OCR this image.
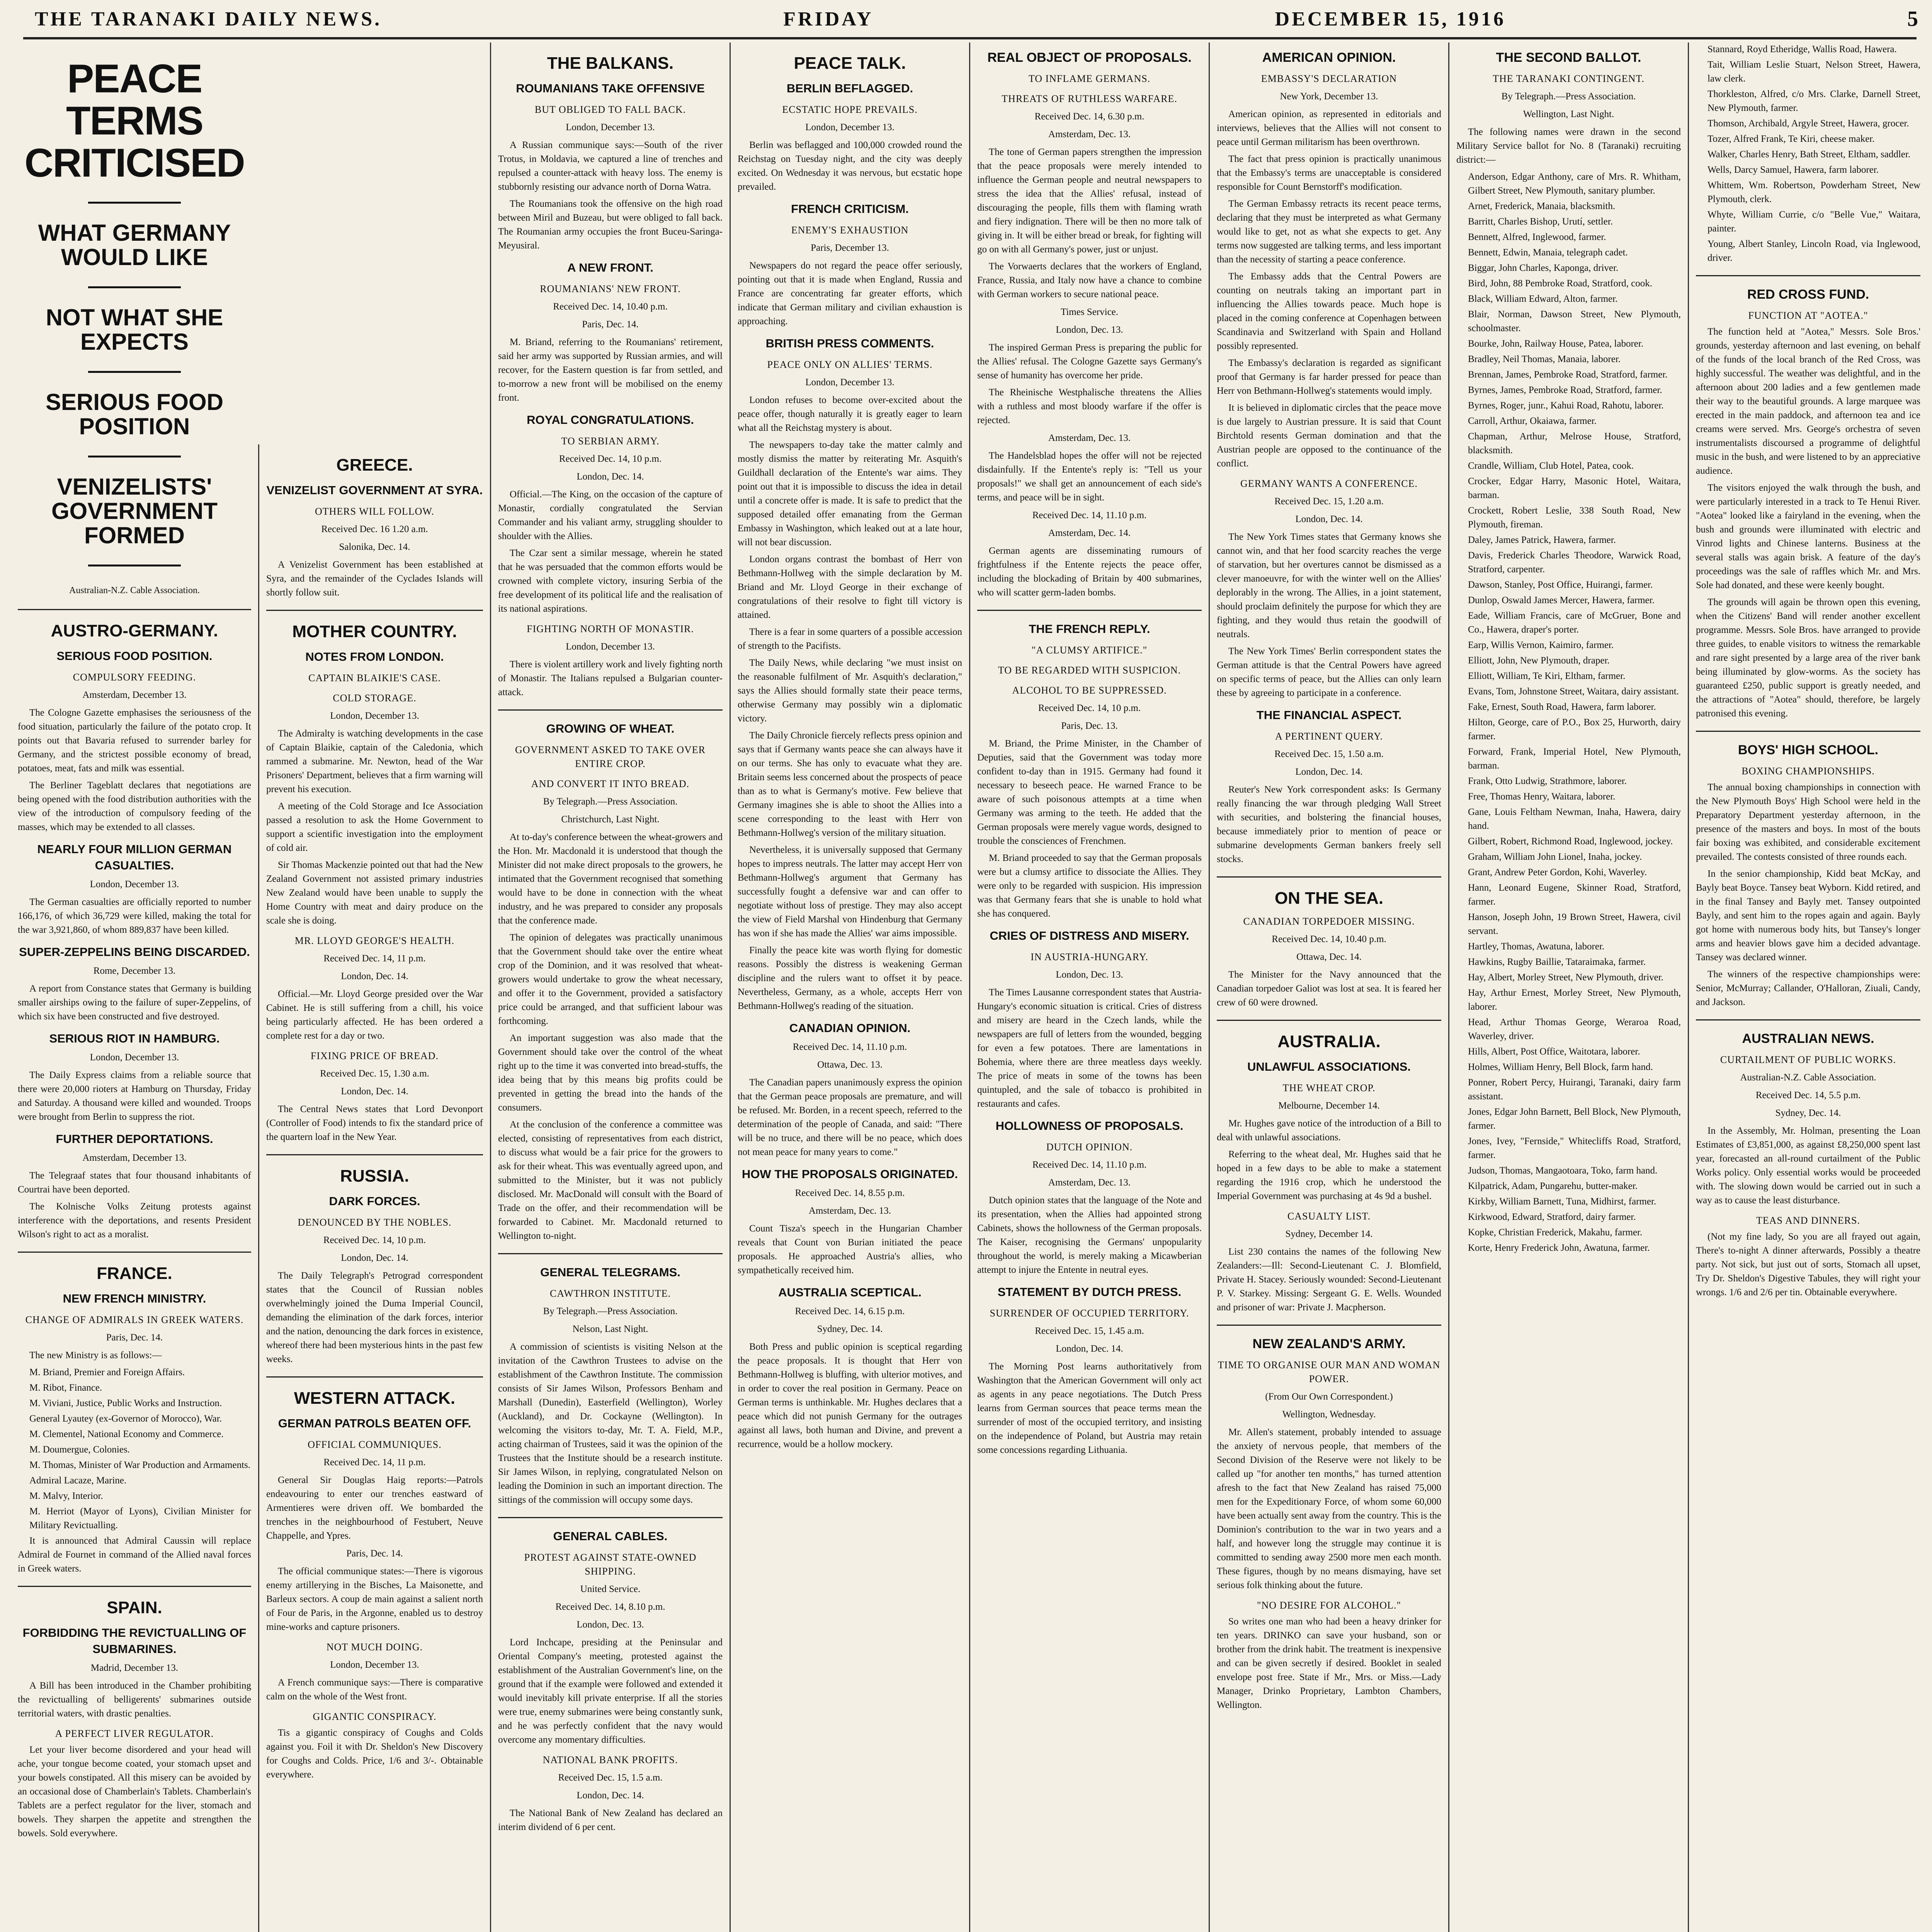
THE TARANAKI DAILY NEWS.	FRIDAY	DECEMBER 15, 1916	5
PEACE TERMS CRITICISED
WHAT GERMANY WOULD LIKE
NOT WHAT SHE EXPECTS
SERIOUS FOOD POSITION
VENIZELISTS' GOVERNMENT FORMED
Australian-N.Z. Cable Association.
AUSTRO-GERMANY.
SERIOUS FOOD POSITION.
COMPULSORY FEEDING.
Amsterdam, December 13.

The Cologne Gazette emphasises the seriousness of the food situation, particularly the failure of the potato crop. It points out that Bavaria refused to surrender barley for Germany, and the strictest possible economy of bread, potatoes, meat, fats and milk was essential.

The Berliner Tageblatt declares that negotiations are being opened with the food distribution authorities with the view of the introduction of compulsory feeding of the masses, which may be extended to all classes.

NEARLY FOUR MILLION GERMAN CASUALTIES.
London, December 13.

The German casualties are officially reported to number 166,176, of which 36,729 were killed, making the total for the war 3,921,860, of whom 889,837 have been killed.

SUPER-ZEPPELINS BEING DISCARDED.
Rome, December 13.

A report from Constance states that Germany is building smaller airships owing to the failure of super-Zeppelins, of which six have been constructed and five destroyed.

SERIOUS RIOT IN HAMBURG.
London, December 13.

The Daily Express claims from a reliable source that there were 20,000 rioters at Hamburg on Thursday, Friday and Saturday. A thousand were killed and wounded. Troops were brought from Berlin to suppress the riot.

FURTHER DEPORTATIONS.
Amsterdam, December 13.

The Telegraaf states that four thousand inhabitants of Courtrai have been deported.

The Kolnische Volks Zeitung protests against interference with the deportations, and resents President Wilson's right to act as a moralist.

FRANCE.
NEW FRENCH MINISTRY.
CHANGE OF ADMIRALS IN GREEK WATERS.
Paris, Dec. 14.

The new Ministry is as follows:—

M. Briand, Premier and Foreign Affairs.

M. Ribot, Finance.

M. Viviani, Justice, Public Works and Instruction.

General Lyautey (ex-Governor of Morocco), War.

M. Clementel, National Economy and Commerce.

M. Doumergue, Colonies.

M. Thomas, Minister of War Production and Armaments.

Admiral Lacaze, Marine.

M. Malvy, Interior.

M. Herriot (Mayor of Lyons), Civilian Minister for Military Revictualling.

It is announced that Admiral Caussin will replace Admiral de Fournet in command of the Allied naval forces in Greek waters.

SPAIN.
FORBIDDING THE REVICTUALLING OF SUBMARINES.
Madrid, December 13.

A Bill has been introduced in the Chamber prohibiting the revictualling of belligerents' submarines outside territorial waters, with drastic penalties.

A PERFECT LIVER REGULATOR.

Let your liver become disordered and your head will ache, your tongue become coated, your stomach upset and your bowels constipated. All this misery can be avoided by an occasional dose of Chamberlain's Tablets. Chamberlain's Tablets are a perfect regulator for the liver, stomach and bowels. They sharpen the appetite and strengthen the bowels. Sold everywhere.

GREECE.
VENIZELIST GOVERNMENT AT SYRA.
OTHERS WILL FOLLOW.
Received Dec. 16 1.20 a.m.
Salonika, Dec. 14.

A Venizelist Government has been established at Syra, and the remainder of the Cyclades Islands will shortly follow suit.

MOTHER COUNTRY.
NOTES FROM LONDON.
CAPTAIN BLAIKIE'S CASE.
COLD STORAGE.
London, December 13.

The Admiralty is watching developments in the case of Captain Blaikie, captain of the Caledonia, which rammed a submarine. Mr. Newton, head of the War Prisoners' Department, believes that a firm warning will prevent his execution.

A meeting of the Cold Storage and Ice Association passed a resolution to ask the Home Government to support a scientific investigation into the employment of cold air.

Sir Thomas Mackenzie pointed out that had the New Zealand Government not assisted primary industries New Zealand would have been unable to supply the Home Country with meat and dairy produce on the scale she is doing.

MR. LLOYD GEORGE'S HEALTH.
Received Dec. 14, 11 p.m.
London, Dec. 14.

Official.—Mr. Lloyd George presided over the War Cabinet. He is still suffering from a chill, his voice being particularly affected. He has been ordered a complete rest for a day or two.

FIXING PRICE OF BREAD.
Received Dec. 15, 1.30 a.m.
London, Dec. 14.

The Central News states that Lord Devonport (Controller of Food) intends to fix the standard price of the quartern loaf in the New Year.

RUSSIA.
DARK FORCES.
DENOUNCED BY THE NOBLES.
Received Dec. 14, 10 p.m.
London, Dec. 14.

The Daily Telegraph's Petrograd correspondent states that the Council of Russian nobles overwhelmingly joined the Duma Imperial Council, demanding the elimination of the dark forces, interior and the nation, denouncing the dark forces in existence, whereof there had been mysterious hints in the past few weeks.

WESTERN ATTACK.
GERMAN PATROLS BEATEN OFF.
OFFICIAL COMMUNIQUES.
Received Dec. 14, 11 p.m.

General Sir Douglas Haig reports:—Patrols endeavouring to enter our trenches eastward of Armentieres were driven off. We bombarded the trenches in the neighbourhood of Festubert, Neuve Chappelle, and Ypres.

Paris, Dec. 14.

The official communique states:—There is vigorous enemy artillerying in the Bisches, La Maisonette, and Barleux sectors. A coup de main against a salient north of Four de Paris, in the Argonne, enabled us to destroy mine-works and capture prisoners.

NOT MUCH DOING.
London, December 13.

A French communique says:—There is comparative calm on the whole of the West front.

GIGANTIC CONSPIRACY.

Tis a gigantic conspiracy of Coughs and Colds against you. Foil it with Dr. Sheldon's New Discovery for Coughs and Colds. Price, 1/6 and 3/-. Obtainable everywhere.

THE BALKANS.
ROUMANIANS TAKE OFFENSIVE
BUT OBLIGED TO FALL BACK.
London, December 13.

A Russian communique says:—South of the river Trotus, in Moldavia, we captured a line of trenches and repulsed a counter-attack with heavy loss. The enemy is stubbornly resisting our advance north of Dorna Watra.

The Roumanians took the offensive on the high road between Miril and Buzeau, but were obliged to fall back. The Roumanian army occupies the front Buceu-Saringa-Meyusiral.

A NEW FRONT.
ROUMANIANS' NEW FRONT.
Received Dec. 14, 10.40 p.m.
Paris, Dec. 14.

M. Briand, referring to the Roumanians' retirement, said her army was supported by Russian armies, and will recover, for the Eastern question is far from settled, and to-morrow a new front will be mobilised on the enemy front.

ROYAL CONGRATULATIONS.
TO SERBIAN ARMY.
Received Dec. 14, 10 p.m.
London, Dec. 14.

Official.—The King, on the occasion of the capture of Monastir, cordially congratulated the Servian Commander and his valiant army, struggling shoulder to shoulder with the Allies.

The Czar sent a similar message, wherein he stated that he was persuaded that the common efforts would be crowned with complete victory, insuring Serbia of the free development of its political life and the realisation of its national aspirations.

FIGHTING NORTH OF MONASTIR.
London, December 13.

There is violent artillery work and lively fighting north of Monastir. The Italians repulsed a Bulgarian counter-attack.

GROWING OF WHEAT.
GOVERNMENT ASKED TO TAKE OVER ENTIRE CROP.
AND CONVERT IT INTO BREAD.
By Telegraph.—Press Association.
Christchurch, Last Night.

At to-day's conference between the wheat-growers and the Hon. Mr. Macdonald it is understood that though the Minister did not make direct proposals to the growers, he intimated that the Government recognised that something would have to be done in connection with the wheat industry, and he was prepared to consider any proposals that the conference made.

The opinion of delegates was practically unanimous that the Government should take over the entire wheat crop of the Dominion, and it was resolved that wheat-growers would undertake to grow the wheat necessary, and offer it to the Government, provided a satisfactory price could be arranged, and that sufficient labour was forthcoming.

An important suggestion was also made that the Government should take over the control of the wheat right up to the time it was converted into bread-stuffs, the idea being that by this means big profits could be prevented in getting the bread into the hands of the consumers.

At the conclusion of the conference a committee was elected, consisting of representatives from each district, to discuss what would be a fair price for the growers to ask for their wheat. This was eventually agreed upon, and submitted to the Minister, but it was not publicly disclosed. Mr. MacDonald will consult with the Board of Trade on the offer, and their recommendation will be forwarded to Cabinet. Mr. Macdonald returned to Wellington to-night.

GENERAL TELEGRAMS.
CAWTHRON INSTITUTE.
By Telegraph.—Press Association.
Nelson, Last Night.

A commission of scientists is visiting Nelson at the invitation of the Cawthron Trustees to advise on the establishment of the Cawthron Institute. The commission consists of Sir James Wilson, Professors Benham and Marshall (Dunedin), Easterfield (Wellington), Worley (Auckland), and Dr. Cockayne (Wellington). In welcoming the visitors to-day, Mr. T. A. Field, M.P., acting chairman of Trustees, said it was the opinion of the Trustees that the Institute should be a research institute. Sir James Wilson, in replying, congratulated Nelson on leading the Dominion in such an important direction. The sittings of the commission will occupy some days.

GENERAL CABLES.
PROTEST AGAINST STATE-OWNED SHIPPING.
United Service.
Received Dec. 14, 8.10 p.m.
London, Dec. 13.

Lord Inchcape, presiding at the Peninsular and Oriental Company's meeting, protested against the establishment of the Australian Government's line, on the ground that if the example were followed and extended it would inevitably kill private enterprise. If all the stories were true, enemy submarines were being constantly sunk, and he was perfectly confident that the navy would overcome any momentary difficulties.

NATIONAL BANK PROFITS.
Received Dec. 15, 1.5 a.m.
London, Dec. 14.

The National Bank of New Zealand has declared an interim dividend of 6 per cent.

PEACE TALK.
BERLIN BEFLAGGED.
ECSTATIC HOPE PREVAILS.
London, December 13.

Berlin was beflagged and 100,000 crowded round the Reichstag on Tuesday night, and the city was deeply excited. On Wednesday it was nervous, but ecstatic hope prevailed.

FRENCH CRITICISM.
ENEMY'S EXHAUSTION
Paris, December 13.

Newspapers do not regard the peace offer seriously, pointing out that it is made when England, Russia and France are concentrating far greater efforts, which indicate that German military and civilian exhaustion is approaching.

BRITISH PRESS COMMENTS.
PEACE ONLY ON ALLIES' TERMS.
London, December 13.

London refuses to become over-excited about the peace offer, though naturally it is greatly eager to learn what all the Reichstag mystery is about.

The newspapers to-day take the matter calmly and mostly dismiss the matter by reiterating Mr. Asquith's Guildhall declaration of the Entente's war aims. They point out that it is impossible to discuss the idea in detail until a concrete offer is made. It is safe to predict that the supposed detailed offer emanating from the German Embassy in Washington, which leaked out at a late hour, will not bear discussion.

London organs contrast the bombast of Herr von Bethmann-Hollweg with the simple declaration by M. Briand and Mr. Lloyd George in their exchange of congratulations of their resolve to fight till victory is attained.

There is a fear in some quarters of a possible accession of strength to the Pacifists.

The Daily News, while declaring "we must insist on the reasonable fulfilment of Mr. Asquith's declaration," says the Allies should formally state their peace terms, otherwise Germany may possibly win a diplomatic victory.

The Daily Chronicle fiercely reflects press opinion and says that if Germany wants peace she can always have it on our terms. She has only to evacuate what they are. Britain seems less concerned about the prospects of peace than as to what is Germany's motive. Few believe that Germany imagines she is able to shoot the Allies into a scene corresponding to the least with Herr von Bethmann-Hollweg's version of the military situation.

Nevertheless, it is universally supposed that Germany hopes to impress neutrals. The latter may accept Herr von Bethmann-Hollweg's argument that Germany has successfully fought a defensive war and can offer to negotiate without loss of prestige. They may also accept the view of Field Marshal von Hindenburg that Germany has won if she has made the Allies' war aims impossible.

Finally the peace kite was worth flying for domestic reasons. Possibly the distress is weakening German discipline and the rulers want to offset it by peace. Nevertheless, Germany, as a whole, accepts Herr von Bethmann-Hollweg's reading of the situation.

CANADIAN OPINION.
Received Dec. 14, 11.10 p.m.
Ottawa, Dec. 13.

The Canadian papers unanimously express the opinion that the German peace proposals are premature, and will be refused. Mr. Borden, in a recent speech, referred to the determination of the people of Canada, and said: "There will be no truce, and there will be no peace, which does not mean peace for many years to come."

HOW THE PROPOSALS ORIGINATED.
Received Dec. 14, 8.55 p.m.
Amsterdam, Dec. 13.

Count Tisza's speech in the Hungarian Chamber reveals that Count von Burian initiated the peace proposals. He approached Austria's allies, who sympathetically received him.

AUSTRALIA SCEPTICAL.
Received Dec. 14, 6.15 p.m.
Sydney, Dec. 14.

Both Press and public opinion is sceptical regarding the peace proposals. It is thought that Herr von Bethmann-Hollweg is bluffing, with ulterior motives, and in order to cover the real position in Germany. Peace on German terms is unthinkable. Mr. Hughes declares that a peace which did not punish Germany for the outrages against all laws, both human and Divine, and prevent a recurrence, would be a hollow mockery.

REAL OBJECT OF PROPOSALS.
TO INFLAME GERMANS.
THREATS OF RUTHLESS WARFARE.
Received Dec. 14, 6.30 p.m.
Amsterdam, Dec. 13.

The tone of German papers strengthen the impression that the peace proposals were merely intended to influence the German people and neutral newspapers to stress the idea that the Allies' refusal, instead of discouraging the people, fills them with flaming wrath and fiery indignation. There will be then no more talk of giving in. It will be either bread or break, for fighting will go on with all Germany's power, just or unjust.

The Vorwaerts declares that the workers of England, France, Russia, and Italy now have a chance to combine with German workers to secure national peace.

Times Service.
London, Dec. 13.

The inspired German Press is preparing the public for the Allies' refusal. The Cologne Gazette says Germany's sense of humanity has overcome her pride.

The Rheinische Westphalische threatens the Allies with a ruthless and most bloody warfare if the offer is rejected.

Amsterdam, Dec. 13.

The Handelsblad hopes the offer will not be rejected disdainfully. If the Entente's reply is: "Tell us your proposals!" we shall get an announcement of each side's terms, and peace will be in sight.

Received Dec. 14, 11.10 p.m.
Amsterdam, Dec. 14.

German agents are disseminating rumours of frightfulness if the Entente rejects the peace offer, including the blockading of Britain by 400 submarines, who will scatter germ-laden bombs.

THE FRENCH REPLY.
"A CLUMSY ARTIFICE."
TO BE REGARDED WITH SUSPICION.
ALCOHOL TO BE SUPPRESSED.
Received Dec. 14, 10 p.m.
Paris, Dec. 13.

M. Briand, the Prime Minister, in the Chamber of Deputies, said that the Government was today more confident to-day than in 1915. Germany had found it necessary to beseech peace. He warned France to be aware of such poisonous attempts at a time when Germany was arming to the teeth. He added that the German proposals were merely vague words, designed to trouble the consciences of Frenchmen.

M. Briand proceeded to say that the German proposals were but a clumsy artifice to dissociate the Allies. They were only to be regarded with suspicion. His impression was that Germany fears that she is unable to hold what she has conquered.

CRIES OF DISTRESS AND MISERY.
IN AUSTRIA-HUNGARY.
London, Dec. 13.

The Times Lausanne correspondent states that Austria-Hungary's economic situation is critical. Cries of distress and misery are heard in the Czech lands, while the newspapers are full of letters from the wounded, begging for even a few potatoes. There are lamentations in Bohemia, where there are three meatless days weekly. The price of meats in some of the towns has been quintupled, and the sale of tobacco is prohibited in restaurants and cafes.

HOLLOWNESS OF PROPOSALS.
DUTCH OPINION.
Received Dec. 14, 11.10 p.m.
Amsterdam, Dec. 13.

Dutch opinion states that the language of the Note and its presentation, when the Allies had appointed strong Cabinets, shows the hollowness of the German proposals. The Kaiser, recognising the Germans' unpopularity throughout the world, is merely making a Micawberian attempt to injure the Entente in neutral eyes.

STATEMENT BY DUTCH PRESS.
SURRENDER OF OCCUPIED TERRITORY.
Received Dec. 15, 1.45 a.m.
London, Dec. 14.

The Morning Post learns authoritatively from Washington that the American Government will only act as agents in any peace negotiations. The Dutch Press learns from German sources that peace terms mean the surrender of most of the occupied territory, and insisting on the independence of Poland, but Austria may retain some concessions regarding Lithuania.

AMERICAN OPINION.
EMBASSY'S DECLARATION
New York, December 13.

American opinion, as represented in editorials and interviews, believes that the Allies will not consent to peace until German militarism has been overthrown.

The fact that press opinion is practically unanimous that the Embassy's terms are unacceptable is considered responsible for Count Bernstorff's modification.

The German Embassy retracts its recent peace terms, declaring that they must be interpreted as what Germany would like to get, not as what she expects to get. Any terms now suggested are talking terms, and less important than the necessity of starting a peace conference.

The Embassy adds that the Central Powers are counting on neutrals taking an important part in influencing the Allies towards peace. Much hope is placed in the coming conference at Copenhagen between Scandinavia and Switzerland with Spain and Holland possibly represented.

The Embassy's declaration is regarded as significant proof that Germany is far harder pressed for peace than Herr von Bethmann-Hollweg's statements would imply.

It is believed in diplomatic circles that the peace move is due largely to Austrian pressure. It is said that Count Birchtold resents German domination and that the Austrian people are opposed to the continuance of the conflict.

GERMANY WANTS A CONFERENCE.
Received Dec. 15, 1.20 a.m.
London, Dec. 14.

The New York Times states that Germany knows she cannot win, and that her food scarcity reaches the verge of starvation, but her overtures cannot be dismissed as a clever manoeuvre, for with the winter well on the Allies' deplorably in the wrong. The Allies, in a joint statement, should proclaim definitely the purpose for which they are fighting, and they would thus retain the goodwill of neutrals.

The New York Times' Berlin correspondent states the German attitude is that the Central Powers have agreed on specific terms of peace, but the Allies can only learn these by agreeing to participate in a conference.

THE FINANCIAL ASPECT.
A PERTINENT QUERY.
Received Dec. 15, 1.50 a.m.
London, Dec. 14.

Reuter's New York correspondent asks: Is Germany really financing the war through pledging Wall Street with securities, and bolstering the financial houses, because immediately prior to mention of peace or submarine developments German bankers freely sell stocks.

ON THE SEA.
CANADIAN TORPEDOER MISSING.
Received Dec. 14, 10.40 p.m.
Ottawa, Dec. 14.

The Minister for the Navy announced that the Canadian torpedoer Galiot was lost at sea. It is feared her crew of 60 were drowned.

AUSTRALIA.
UNLAWFUL ASSOCIATIONS.
THE WHEAT CROP.
Melbourne, December 14.

Mr. Hughes gave notice of the introduction of a Bill to deal with unlawful associations.

Referring to the wheat deal, Mr. Hughes said that he hoped in a few days to be able to make a statement regarding the 1916 crop, which he understood the Imperial Government was purchasing at 4s 9d a bushel.

CASUALTY LIST.
Sydney, December 14.

List 230 contains the names of the following New Zealanders:—Ill: Second-Lieutenant C. J. Blomfield, Private H. Stacey. Seriously wounded: Second-Lieutenant P. V. Starkey. Missing: Sergeant G. E. Wells. Wounded and prisoner of war: Private J. Macpherson.

NEW ZEALAND'S ARMY.
TIME TO ORGANISE OUR MAN AND WOMAN POWER.
(From Our Own Correspondent.)
Wellington, Wednesday.

Mr. Allen's statement, probably intended to assuage the anxiety of nervous people, that members of the Second Division of the Reserve were not likely to be called up "for another ten months," has turned attention afresh to the fact that New Zealand has raised 75,000 men for the Expeditionary Force, of whom some 60,000 have been actually sent away from the country. This is the Dominion's contribution to the war in two years and a half, and however long the struggle may continue it is committed to sending away 2500 more men each month. These figures, though by no means dismaying, have set serious folk thinking about the future.

"NO DESIRE FOR ALCOHOL."

So writes one man who had been a heavy drinker for ten years. DRINKO can save your husband, son or brother from the drink habit. The treatment is inexpensive and can be given secretly if desired. Booklet in sealed envelope post free. State if Mr., Mrs. or Miss.—Lady Manager, Drinko Proprietary, Lambton Chambers, Wellington.

THE SECOND BALLOT.
THE TARANAKI CONTINGENT.
By Telegraph.—Press Association.
Wellington, Last Night.

The following names were drawn in the second Military Service ballot for No. 8 (Taranaki) recruiting district:—

Anderson, Edgar Anthony, care of Mrs. R. Whitham, Gilbert Street, New Plymouth, sanitary plumber.

Arnet, Frederick, Manaia, blacksmith.

Barritt, Charles Bishop, Urutí, settler.

Bennett, Alfred, Inglewood, farmer.

Bennett, Edwin, Manaia, telegraph cadet.

Biggar, John Charles, Kaponga, driver.

Bird, John, 88 Pembroke Road, Stratford, cook.

Black, William Edward, Alton, farmer.

Blair, Norman, Dawson Street, New Plymouth, schoolmaster.

Bourke, John, Railway House, Patea, laborer.

Bradley, Neil Thomas, Manaia, laborer.

Brennan, James, Pembroke Road, Stratford, farmer.

Byrnes, James, Pembroke Road, Stratford, farmer.

Byrnes, Roger, junr., Kahui Road, Rahotu, laborer.

Carroll, Arthur, Okaiawa, farmer.

Chapman, Arthur, Melrose House, Stratford, blacksmith.

Crandle, William, Club Hotel, Patea, cook.

Crocker, Edgar Harry, Masonic Hotel, Waitara, barman.

Crockett, Robert Leslie, 338 South Road, New Plymouth, fireman.

Daley, James Patrick, Hawera, farmer.

Davis, Frederick Charles Theodore, Warwick Road, Stratford, carpenter.

Dawson, Stanley, Post Office, Huirangi, farmer.

Dunlop, Oswald James Mercer, Hawera, farmer.

Eade, William Francis, care of McGruer, Bone and Co., Hawera, draper's porter.

Earp, Willis Vernon, Kaimiro, farmer.

Elliott, John, New Plymouth, draper.

Elliott, William, Te Kiri, Eltham, farmer.

Evans, Tom, Johnstone Street, Waitara, dairy assistant.

Fake, Ernest, South Road, Hawera, farm laborer.

Hilton, George, care of P.O., Box 25, Hurworth, dairy farmer.

Forward, Frank, Imperial Hotel, New Plymouth, barman.

Frank, Otto Ludwig, Strathmore, laborer.

Free, Thomas Henry, Waitara, laborer.

Gane, Louis Feltham Newman, Inaha, Hawera, dairy hand.

Gilbert, Robert, Richmond Road, Inglewood, jockey.

Graham, William John Lionel, Inaha, jockey.

Grant, Andrew Peter Gordon, Kohi, Waverley.

Hann, Leonard Eugene, Skinner Road, Stratford, farmer.

Hanson, Joseph John, 19 Brown Street, Hawera, civil servant.

Hartley, Thomas, Awatuna, laborer.

Hawkins, Rugby Baillie, Tataraimaka, farmer.

Hay, Albert, Morley Street, New Plymouth, driver.

Hay, Arthur Ernest, Morley Street, New Plymouth, laborer.

Head, Arthur Thomas George, Weraroa Road, Waverley, driver.

Hills, Albert, Post Office, Waitotara, laborer.

Holmes, William Henry, Bell Block, farm hand.

Ponner, Robert Percy, Huirangi, Taranaki, dairy farm assistant.

Jones, Edgar John Barnett, Bell Block, New Plymouth, farmer.

Jones, Ivey, "Fernside," Whitecliffs Road, Stratford, farmer.

Judson, Thomas, Mangaotoara, Toko, farm hand.

Kilpatrick, Adam, Pungarehu, butter-maker.

Kirkby, William Barnett, Tuna, Midhirst, farmer.

Kirkwood, Edward, Stratford, dairy farmer.

Kopke, Christian Frederick, Makahu, farmer.

Korte, Henry Frederick John, Awatuna, farmer.

Stannard, Royd Etheridge, Wallis Road, Hawera.

Tait, William Leslie Stuart, Nelson Street, Hawera, law clerk.

Thorkleston, Alfred, c/o Mrs. Clarke, Darnell Street, New Plymouth, farmer.

Thomson, Archibald, Argyle Street, Hawera, grocer.

Tozer, Alfred Frank, Te Kiri, cheese maker.

Walker, Charles Henry, Bath Street, Eltham, saddler.

Wells, Darcy Samuel, Hawera, farm laborer.

Whittem, Wm. Robertson, Powderham Street, New Plymouth, clerk.

Whyte, William Currie, c/o "Belle Vue," Waitara, painter.

Young, Albert Stanley, Lincoln Road, via Inglewood, driver.

RED CROSS FUND.
FUNCTION AT "AOTEA."

The function held at "Aotea," Messrs. Sole Bros.' grounds, yesterday afternoon and last evening, on behalf of the funds of the local branch of the Red Cross, was highly successful. The weather was delightful, and in the afternoon about 200 ladies and a few gentlemen made their way to the beautiful grounds. A large marquee was erected in the main paddock, and afternoon tea and ice creams were served. Mrs. George's orchestra of seven instrumentalists discoursed a programme of delightful music in the bush, and were listened to by an appreciative audience.

The visitors enjoyed the walk through the bush, and were particularly interested in a track to Te Henui River. "Aotea" looked like a fairyland in the evening, when the bush and grounds were illuminated with electric and Vinrod lights and Chinese lanterns. Business at the several stalls was again brisk. A feature of the day's proceedings was the sale of raffles which Mr. and Mrs. Sole had donated, and these were keenly bought.

The grounds will again be thrown open this evening, when the Citizens' Band will render another excellent programme. Messrs. Sole Bros. have arranged to provide three guides, to enable visitors to witness the remarkable and rare sight presented by a large area of the river bank being illuminated by glow-worms. As the society has guaranteed £250, public support is greatly needed, and the attractions of "Aotea" should, therefore, be largely patronised this evening.

BOYS' HIGH SCHOOL.
BOXING CHAMPIONSHIPS.

The annual boxing championships in connection with the New Plymouth Boys' High School were held in the Preparatory Department yesterday afternoon, in the presence of the masters and boys. In most of the bouts fair boxing was exhibited, and considerable excitement prevailed. The contests consisted of three rounds each.

In the senior championship, Kidd beat McKay, and Bayly beat Boyce. Tansey beat Wyborn. Kidd retired, and in the final Tansey and Bayly met. Tansey outpointed Bayly, and sent him to the ropes again and again. Bayly got home with numerous body hits, but Tansey's longer arms and heavier blows gave him a decided advantage. Tansey was declared winner.

The winners of the respective championships were: Senior, McMurray; Callander, O'Halloran, Ziuali, Candy, and Jackson.

AUSTRALIAN NEWS.
CURTAILMENT OF PUBLIC WORKS.
Australian-N.Z. Cable Association.
Received Dec. 14, 5.5 p.m.
Sydney, Dec. 14.

In the Assembly, Mr. Holman, presenting the Loan Estimates of £3,851,000, as against £8,250,000 spent last year, forecasted an all-round curtailment of the Public Works policy. Only essential works would be proceeded with. The slowing down would be carried out in such a way as to cause the least disturbance.

TEAS AND DINNERS.

(Not my fine lady, So you are all frayed out again, There's to-night A dinner afterwards, Possibly a theatre party. Not sick, but just out of sorts, Stomach all upset, Try Dr. Sheldon's Digestive Tabules, they will right your wrongs. 1/6 and 2/6 per tin. Obtainable everywhere.
